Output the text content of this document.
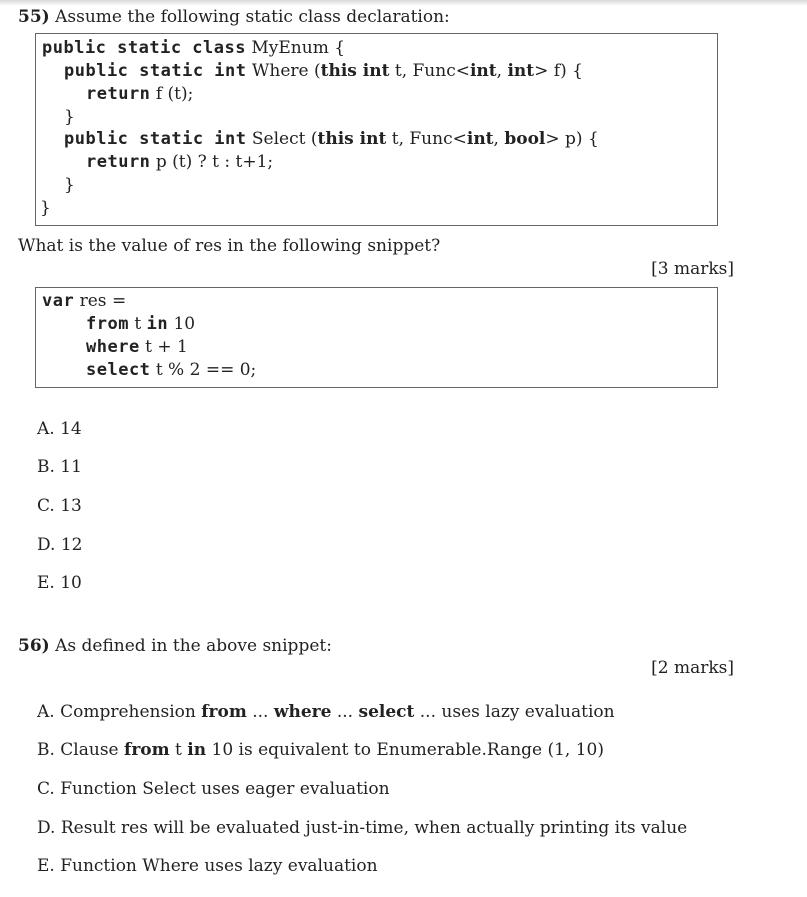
55) Assume the following static class declaration:
public static class MyEnum {
public static int Where (this int t, Func<int, int> f) {
return f (t);
}
public static int Select (this int t, Func<int, bool> p) {
return p (t) ? t : t+1;
}
}
What is the value of res in the following snippet?
[3 marks]
var res =
from t in 10
where t + 1
select t % 2 == 0;
A. 14
B. 11
C. 13
D. 12
E. 10
56) As defined in the above snippet:
[2 marks]
A. Comprehension from ... where ... select ... uses lazy evaluation
B. Clause from t in 10 is equivalent to Enumerable.Range (1, 10)
C. Function Select uses eager evaluation
D. Result res will be evaluated just-in-time, when actually printing its value
E. Function Where uses lazy evaluation
